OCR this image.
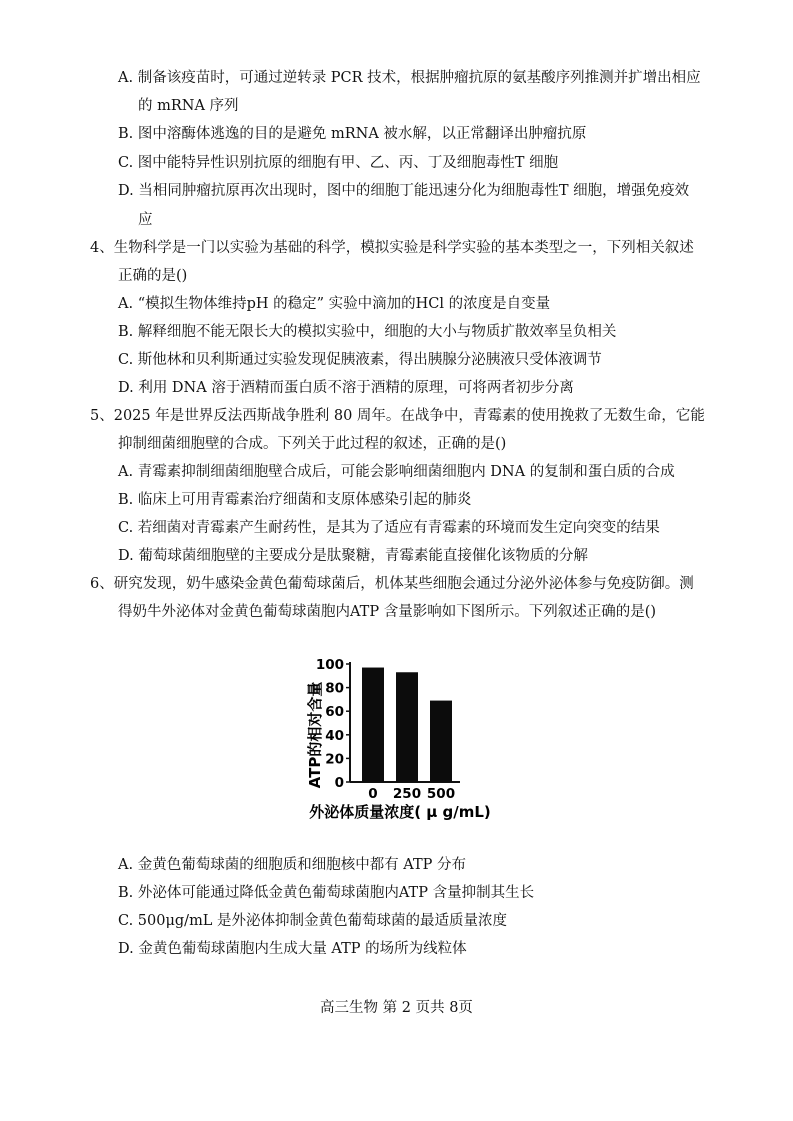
A. 制备该疫苗时，可通过逆转录 PCR 技术，根据肿瘤抗原的氨基酸序列推测并扩增出相应
的 mRNA 序列
B. 图中溶酶体逃逸的目的是避免 mRNA 被水解，以正常翻译出肿瘤抗原
C. 图中能特异性识别抗原的细胞有甲、乙、丙、丁及细胞毒性T 细胞
D. 当相同肿瘤抗原再次出现时，图中的细胞丁能迅速分化为细胞毒性T 细胞，增强免疫效
应
4、生物科学是一门以实验为基础的科学，模拟实验是科学实验的基本类型之一，下列相关叙述
正确的是()
A. “模拟生物体维持pH 的稳定” 实验中滴加的HCl 的浓度是自变量
B. 解释细胞不能无限长大的模拟实验中，细胞的大小与物质扩散效率呈负相关
C. 斯他林和贝利斯通过实验发现促胰液素，得出胰腺分泌胰液只受体液调节
D. 利用 DNA 溶于酒精而蛋白质不溶于酒精的原理，可将两者初步分离
5、2025 年是世界反法西斯战争胜利 80 周年。在战争中，青霉素的使用挽救了无数生命，它能
抑制细菌细胞壁的合成。下列关于此过程的叙述，正确的是()
A. 青霉素抑制细菌细胞壁合成后，可能会影响细菌细胞内 DNA 的复制和蛋白质的合成
B. 临床上可用青霉素治疗细菌和支原体感染引起的肺炎
C. 若细菌对青霉素产生耐药性，是其为了适应有青霉素的环境而发生定向突变的结果
D. 葡萄球菌细胞壁的主要成分是肽聚糖，青霉素能直接催化该物质的分解
6、研究发现，奶牛感染金黄色葡萄球菌后，机体某些细胞会通过分泌外泌体参与免疫防御。测
得奶牛外泌体对金黄色葡萄球菌胞内ATP 含量影响如下图所示。下列叙述正确的是()
ATP的相对含量 0
20
40
60
80
100
0 250 500
外泌体质量浓度( μ g/mL)
A. 金黄色葡萄球菌的细胞质和细胞核中都有 ATP 分布
B. 外泌体可能通过降低金黄色葡萄球菌胞内ATP 含量抑制其生长
C. 500μg/mL 是外泌体抑制金黄色葡萄球菌的最适质量浓度
D. 金黄色葡萄球菌胞内生成大量 ATP 的场所为线粒体
高三生物 第 2 页共 8页
